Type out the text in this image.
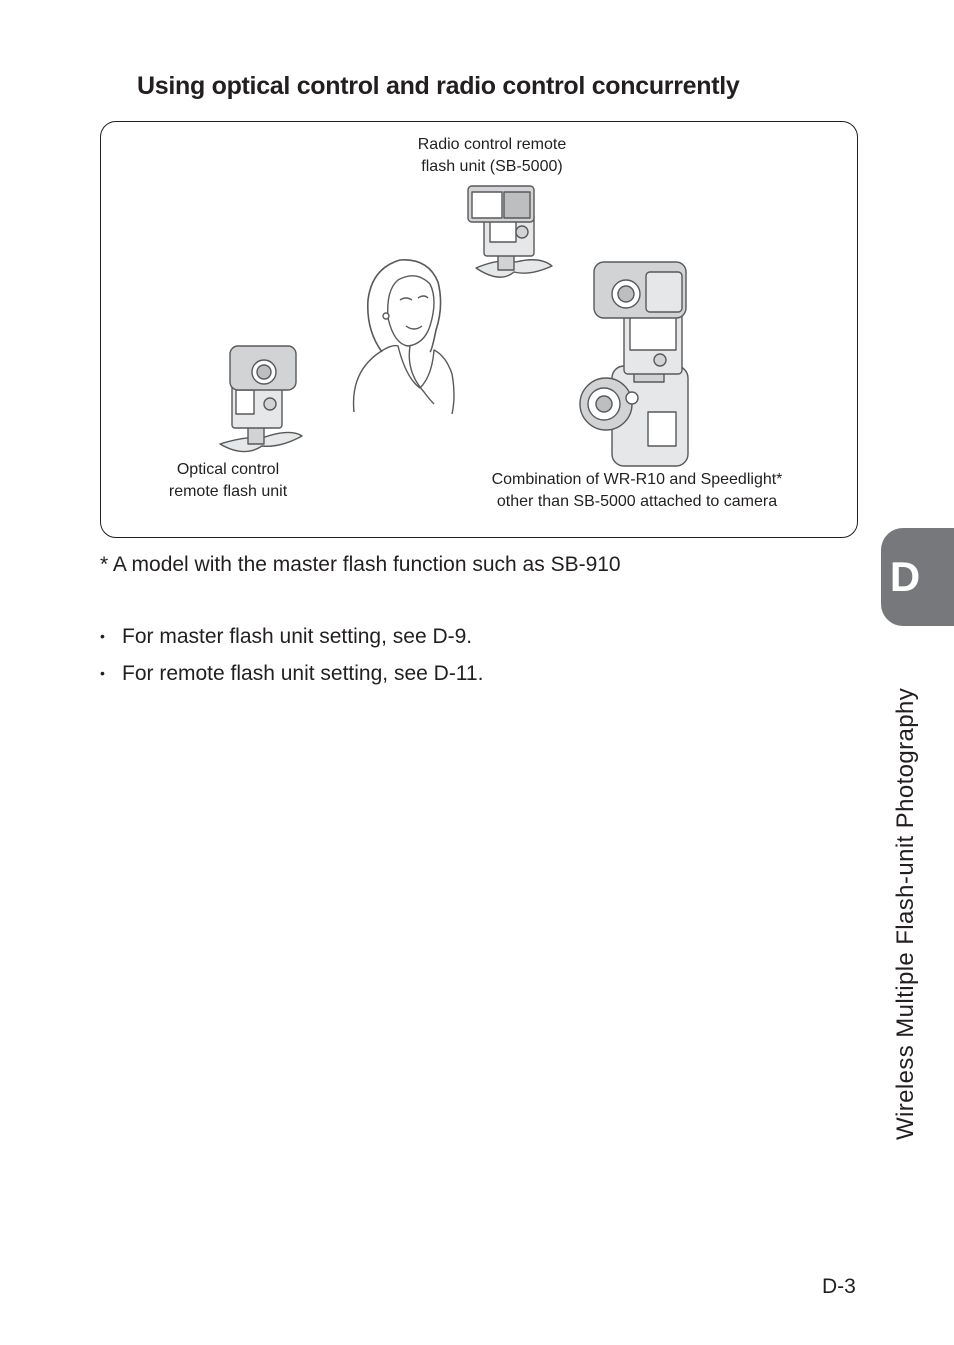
Using optical control and radio control concurrently
Radio control remote
flash unit (SB-5000)
Optical control
remote flash unit
Combination of WR-R10 and Speedlight*
other than SB-5000 attached to camera

* A model with the master flash function such as SB-910

• For master flash unit setting, see D-9.
• For remote flash unit setting, see D-11.
D
Wireless Multiple Flash-unit Photography
D-3
